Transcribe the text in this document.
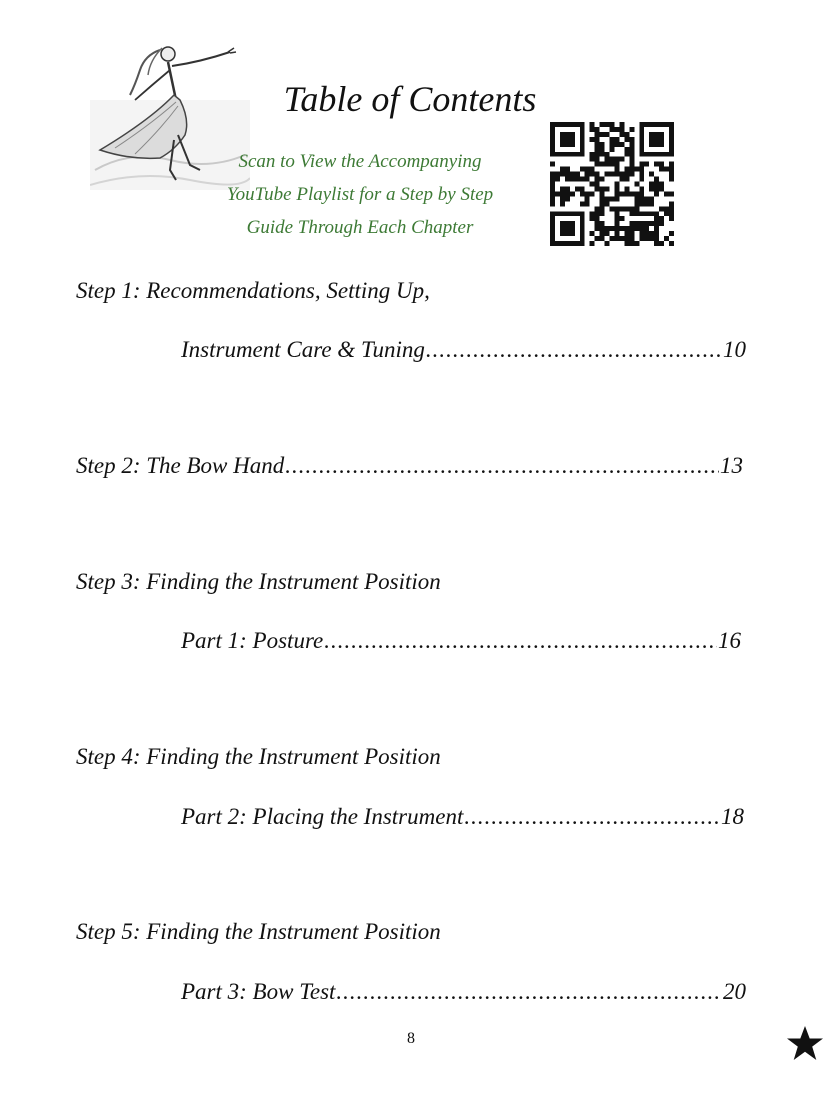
Table of Contents
Scan to View the Accompanying
YouTube Playlist for a Step by Step
Guide Through Each Chapter
Step 1: Recommendations, Setting Up,
Instrument Care & Tuning .....	10
Step 2: The Bow Hand .....	13
Step 3: Finding the Instrument Position
Part 1: Posture .....	16
Step 4: Finding the Instrument Position
Part 2: Placing the Instrument .....	18
Step 5: Finding the Instrument Position
Part 3: Bow Test .....	20
8
